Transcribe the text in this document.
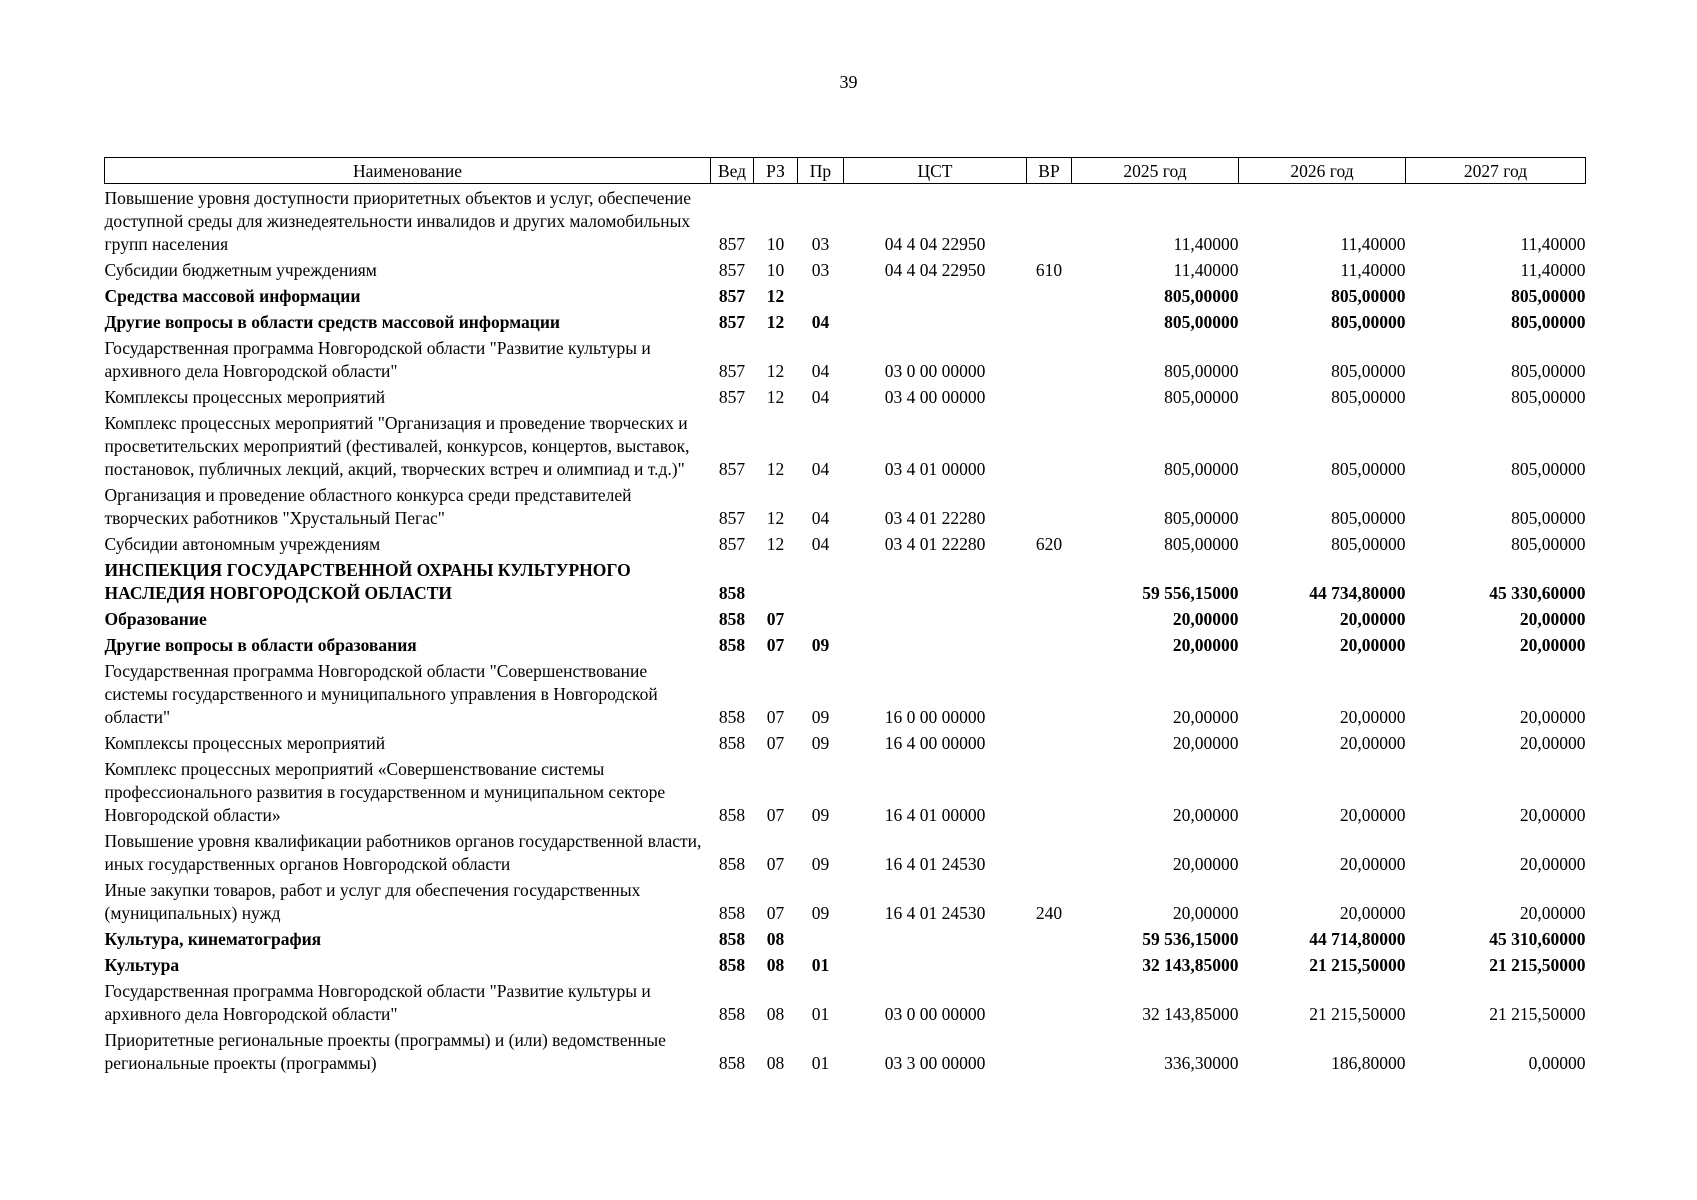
39
Наименование	Вед	РЗ	Пр	ЦСТ	ВР	2025 год	2026 год	2027 год
Повышение уровня доступности приоритетных объектов и услуг, обеспечение доступной среды для жизнедеятельности инвалидов и других маломобильных групп населения	857	10	03	04 4 04 22950		11,40000	11,40000	11,40000
Субсидии бюджетным учреждениям	857	10	03	04 4 04 22950	610	11,40000	11,40000	11,40000
Средства массовой информации	857	12				805,00000	805,00000	805,00000
Другие вопросы в области средств массовой информации	857	12	04			805,00000	805,00000	805,00000
Государственная программа Новгородской области "Развитие культуры и архивного дела Новгородской области"	857	12	04	03 0 00 00000		805,00000	805,00000	805,00000
Комплексы процессных мероприятий	857	12	04	03 4 00 00000		805,00000	805,00000	805,00000
Комплекс процессных мероприятий "Организация и проведение творческих и просветительских мероприятий (фестивалей, конкурсов, концертов, выставок, постановок, публичных лекций, акций, творческих встреч и олимпиад и т.д.)"	857	12	04	03 4 01 00000		805,00000	805,00000	805,00000
Организация и проведение областного конкурса среди представителей творческих работников "Хрустальный Пегас"	857	12	04	03 4 01 22280		805,00000	805,00000	805,00000
Субсидии автономным учреждениям	857	12	04	03 4 01 22280	620	805,00000	805,00000	805,00000
ИНСПЕКЦИЯ ГОСУДАРСТВЕННОЙ ОХРАНЫ КУЛЬТУРНОГО НАСЛЕДИЯ НОВГОРОДСКОЙ ОБЛАСТИ	858					59 556,15000	44 734,80000	45 330,60000
Образование	858	07				20,00000	20,00000	20,00000
Другие вопросы в области образования	858	07	09			20,00000	20,00000	20,00000
Государственная программа Новгородской области "Совершенствование системы государственного и муниципального управления в Новгородской области"	858	07	09	16 0 00 00000		20,00000	20,00000	20,00000
Комплексы процессных мероприятий	858	07	09	16 4 00 00000		20,00000	20,00000	20,00000
Комплекс процессных мероприятий «Совершенствование системы профессионального развития в государственном и муниципальном секторе Новгородской области»	858	07	09	16 4 01 00000		20,00000	20,00000	20,00000
Повышение уровня квалификации работников органов государственной власти, иных государственных органов Новгородской области	858	07	09	16 4 01 24530		20,00000	20,00000	20,00000
Иные закупки товаров, работ и услуг для обеспечения государственных (муниципальных) нужд	858	07	09	16 4 01 24530	240	20,00000	20,00000	20,00000
Культура, кинематография	858	08				59 536,15000	44 714,80000	45 310,60000
Культура	858	08	01			32 143,85000	21 215,50000	21 215,50000
Государственная программа Новгородской области "Развитие культуры и архивного дела Новгородской области"	858	08	01	03 0 00 00000		32 143,85000	21 215,50000	21 215,50000
Приоритетные региональные проекты (программы) и (или) ведомственные региональные проекты (программы)	858	08	01	03 3 00 00000		336,30000	186,80000	0,00000
